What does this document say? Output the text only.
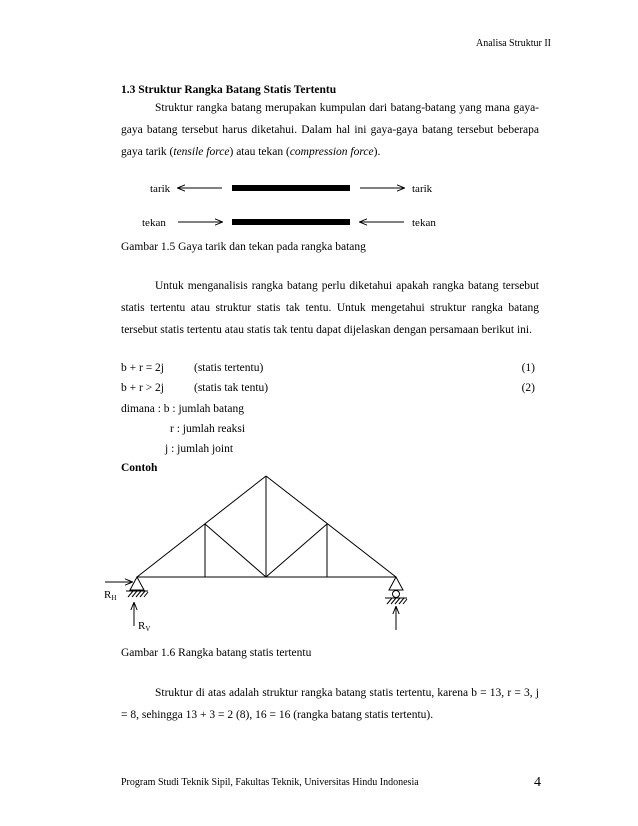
Analisa Struktur II
1.3 Struktur Rangka Batang Statis Tertentu
Struktur rangka batang merupakan kumpulan dari batang-batang yang mana gaya-gaya batang tersebut harus diketahui. Dalam hal ini gaya-gaya batang tersebut beberapa gaya tarik (tensile force) atau tekan (compression force).
tarik	tarik
tekan	tekan
RH
RV
Gambar 1.5 Gaya tarik dan tekan pada rangka batang
Untuk menganalisis rangka batang perlu diketahui apakah rangka batang tersebut statis tertentu atau struktur statis tak tentu. Untuk mengetahui struktur rangka batang tersebut statis tertentu atau statis tak tentu dapat dijelaskan dengan persamaan berikut ini.
b + r = 2j	(statis tertentu)	(1)
b + r > 2j	(statis tak tentu)	(2)
dimana : b : jumlah batang
r : jumlah reaksi
j : jumlah joint
Contoh
Gambar 1.6 Rangka batang statis tertentu
Struktur di atas adalah struktur rangka batang statis tertentu, karena b = 13, r = 3, j = 8, sehingga 13 + 3 = 2 (8), 16 = 16 (rangka batang statis tertentu).
Program Studi Teknik Sipil, Fakultas Teknik, Universitas Hindu Indonesia	4
